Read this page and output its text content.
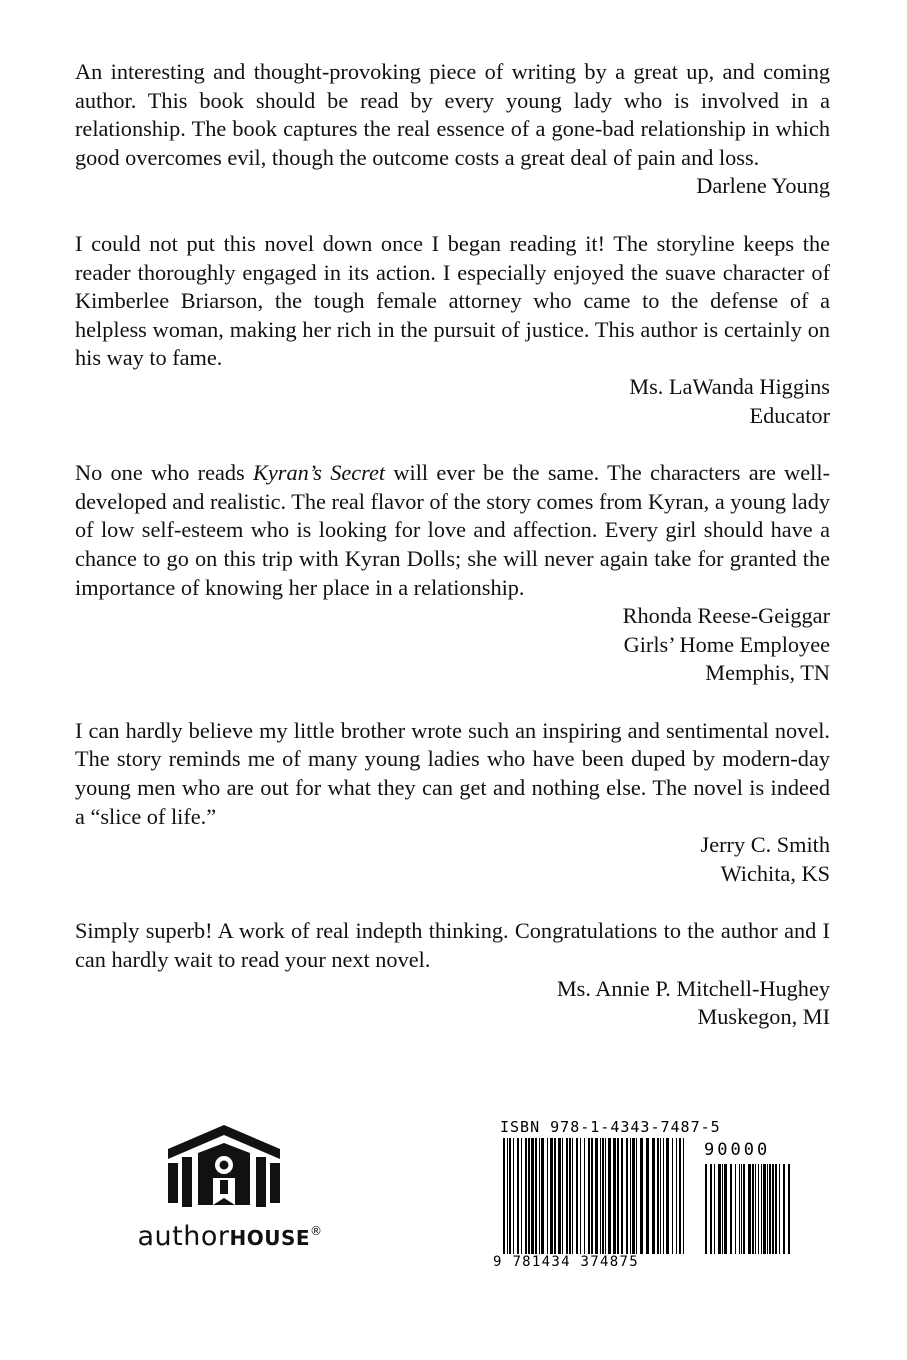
An interesting and thought-provoking piece of writing by a great up, and coming author. This book should be read by every young lady who is involved in a relationship. The book captures the real essence of a gone-bad relationship in which good overcomes evil, though the outcome costs a great deal of pain and loss.

Darlene Young

I could not put this novel down once I began reading it! The storyline keeps the reader thoroughly engaged in its action. I especially enjoyed the suave character of Kimberlee Briarson, the tough female attorney who came to the defense of a helpless woman, making her rich in the pursuit of justice. This author is certainly on his way to fame.

Ms. LaWanda Higgins
Educator

No one who reads Kyran’s Secret will ever be the same. The characters are well-developed and realistic. The real flavor of the story comes from Kyran, a young lady of low self-esteem who is looking for love and affection. Every girl should have a chance to go on this trip with Kyran Dolls; she will never again take for granted the importance of knowing her place in a relationship.

Rhonda Reese-Geiggar
Girls’ Home Employee
Memphis, TN

I can hardly believe my little brother wrote such an inspiring and sentimental novel. The story reminds me of many young ladies who have been duped by modern-day young men who are out for what they can get and nothing else. The novel is indeed a “slice of life.”

Jerry C. Smith
Wichita, KS

Simply superb! A work of real indepth thinking. Congratulations to the author and I can hardly wait to read your next novel.

Ms. Annie P. Mitchell-Hughey
Muskegon, MI
authorHOUSE®
ISBN 978-1-4343-7487-5
90000
9 781434 374875
